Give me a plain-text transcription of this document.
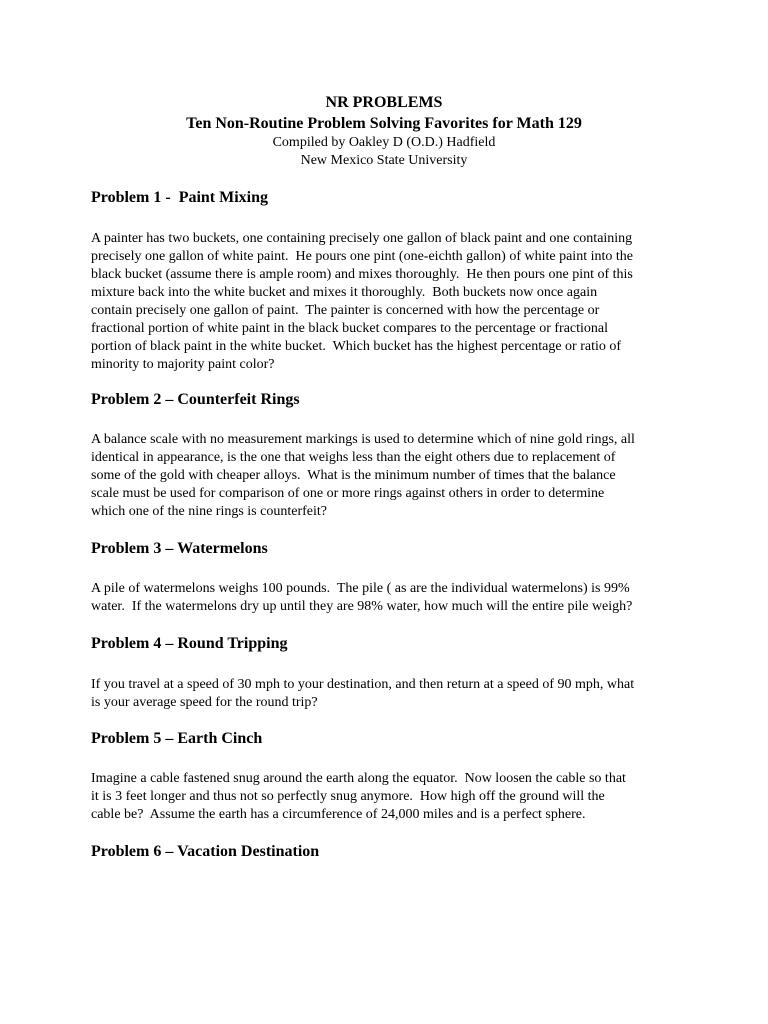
NR PROBLEMS
Ten Non-Routine Problem Solving Favorites for Math 129
Compiled by Oakley D (O.D.) Hadfield
New Mexico State University
Problem 1 -  Paint Mixing
A painter has two buckets, one containing precisely one gallon of black paint and one containing
precisely one gallon of white paint.  He pours one pint (one-eichth gallon) of white paint into the
black bucket (assume there is ample room) and mixes thoroughly.  He then pours one pint of this
mixture back into the white bucket and mixes it thoroughly.  Both buckets now once again
contain precisely one gallon of paint.  The painter is concerned with how the percentage or
fractional portion of white paint in the black bucket compares to the percentage or fractional
portion of black paint in the white bucket.  Which bucket has the highest percentage or ratio of
minority to majority paint color?
Problem 2 – Counterfeit Rings
A balance scale with no measurement markings is used to determine which of nine gold rings, all
identical in appearance, is the one that weighs less than the eight others due to replacement of
some of the gold with cheaper alloys.  What is the minimum number of times that the balance
scale must be used for comparison of one or more rings against others in order to determine
which one of the nine rings is counterfeit?
Problem 3 – Watermelons
A pile of watermelons weighs 100 pounds.  The pile ( as are the individual watermelons) is 99%
water.  If the watermelons dry up until they are 98% water, how much will the entire pile weigh?
Problem 4 – Round Tripping
If you travel at a speed of 30 mph to your destination, and then return at a speed of 90 mph, what
is your average speed for the round trip?
Problem 5 – Earth Cinch
Imagine a cable fastened snug around the earth along the equator.  Now loosen the cable so that
it is 3 feet longer and thus not so perfectly snug anymore.  How high off the ground will the
cable be?  Assume the earth has a circumference of 24,000 miles and is a perfect sphere.
Problem 6 – Vacation Destination
